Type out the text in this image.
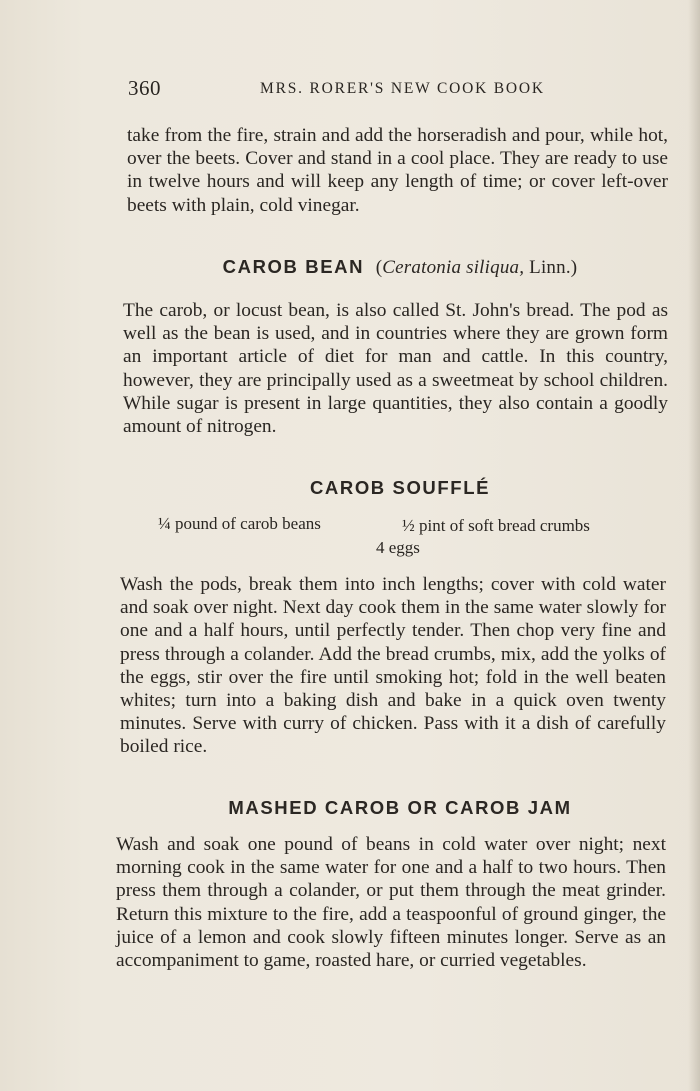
360	MRS. RORER'S NEW COOK BOOK

take from the fire, strain and add the horseradish and pour, while hot, over the beets. Cover and stand in a cool place. They are ready to use in twelve hours and will keep any length of time; or cover left-over beets with plain, cold vinegar.

CAROB BEAN (Ceratonia siliqua, Linn.)

The carob, or locust bean, is also called St. John's bread. The pod as well as the bean is used, and in countries where they are grown form an important article of diet for man and cattle. In this country, however, they are principally used as a sweetmeat by school children. While sugar is present in large quantities, they also contain a goodly amount of nitrogen.

CAROB SOUFFLÉ
¼ pound of carob beans	½ pint of soft bread crumbs
4 eggs

Wash the pods, break them into inch lengths; cover with cold water and soak over night. Next day cook them in the same water slowly for one and a half hours, until perfectly tender. Then chop very fine and press through a colander. Add the bread crumbs, mix, add the yolks of the eggs, stir over the fire until smoking hot; fold in the well beaten whites; turn into a baking dish and bake in a quick oven twenty minutes. Serve with curry of chicken. Pass with it a dish of carefully boiled rice.

MASHED CAROB OR CAROB JAM

Wash and soak one pound of beans in cold water over night; next morning cook in the same water for one and a half to two hours. Then press them through a colander, or put them through the meat grinder. Return this mixture to the fire, add a teaspoonful of ground ginger, the juice of a lemon and cook slowly fifteen minutes longer. Serve as an accompaniment to game, roasted hare, or curried vegetables.
